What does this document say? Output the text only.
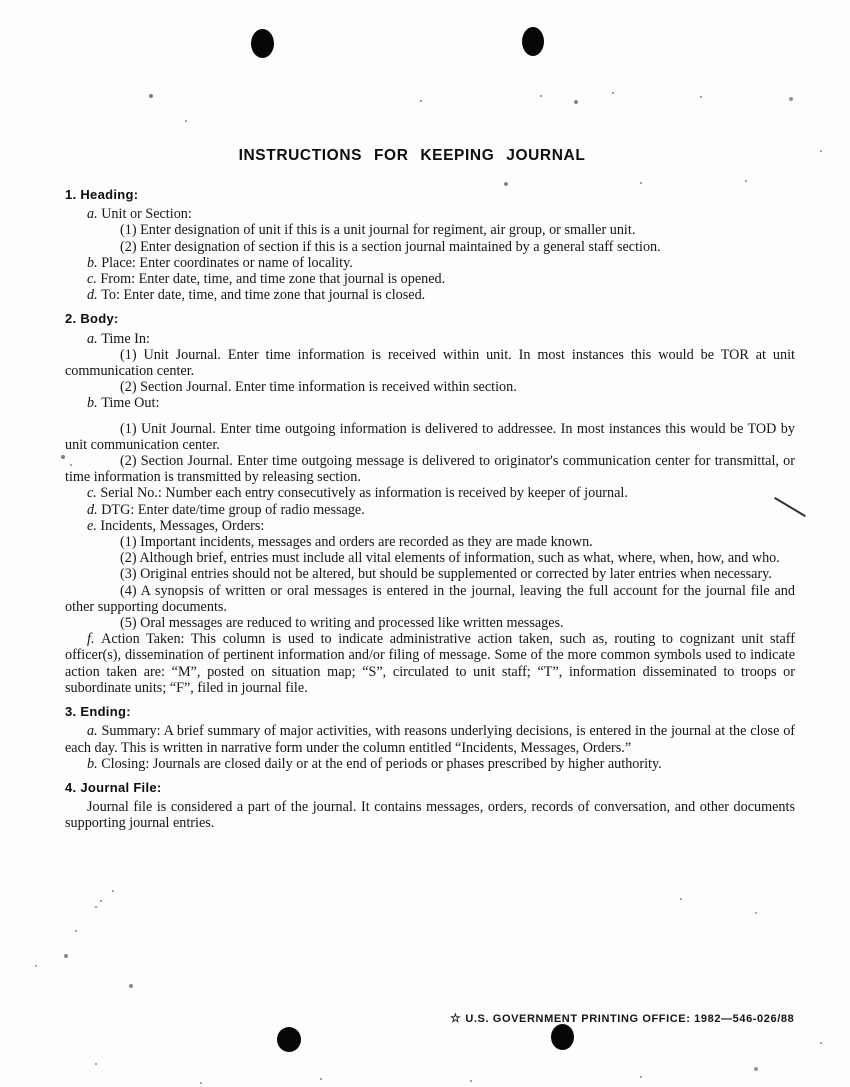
INSTRUCTIONS FOR KEEPING JOURNAL

1. Heading:

a. Unit or Section:

(1) Enter designation of unit if this is a unit journal for regiment, air group, or smaller unit.

(2) Enter designation of section if this is a section journal maintained by a general staff section.

b. Place: Enter coordinates or name of locality.

c. From: Enter date, time, and time zone that journal is opened.

d. To: Enter date, time, and time zone that journal is closed.

2. Body:

a. Time In:

(1) Unit Journal. Enter time information is received within unit. In most instances this would be TOR at unit communication center.

(2) Section Journal. Enter time information is received within section.

b. Time Out:

(1) Unit Journal. Enter time outgoing information is delivered to addressee. In most instances this would be TOD by unit communication center.

(2) Section Journal. Enter time outgoing message is delivered to originator's communication center for transmittal, or time information is transmitted by releasing section.

c. Serial No.: Number each entry consecutively as information is received by keeper of journal.

d. DTG: Enter date/time group of radio message.

e. Incidents, Messages, Orders:

(1) Important incidents, messages and orders are recorded as they are made known.

(2) Although brief, entries must include all vital elements of information, such as what, where, when, how, and who.

(3) Original entries should not be altered, but should be supplemented or corrected by later entries when necessary.

(4) A synopsis of written or oral messages is entered in the journal, leaving the full account for the journal file and other supporting documents.

(5) Oral messages are reduced to writing and processed like written messages.

f. Action Taken: This column is used to indicate administrative action taken, such as, routing to cognizant unit staff officer(s), dissemination of pertinent information and/or filing of message. Some of the more common symbols used to indicate action taken are: “M”, posted on situation map; “S”, circulated to unit staff; “T”, information disseminated to troops or subordinate units; “F”, filed in journal file.

3. Ending:

a. Summary: A brief summary of major activities, with reasons underlying decisions, is entered in the journal at the close of each day. This is written in narrative form under the column entitled “Incidents, Messages, Orders.”

b. Closing: Journals are closed daily or at the end of periods or phases prescribed by higher authority.

4. Journal File:

Journal file is considered a part of the journal. It contains messages, orders, records of conversation, and other documents supporting journal entries.

☆ U.S. GOVERNMENT PRINTING OFFICE: 1982—546-026/88
